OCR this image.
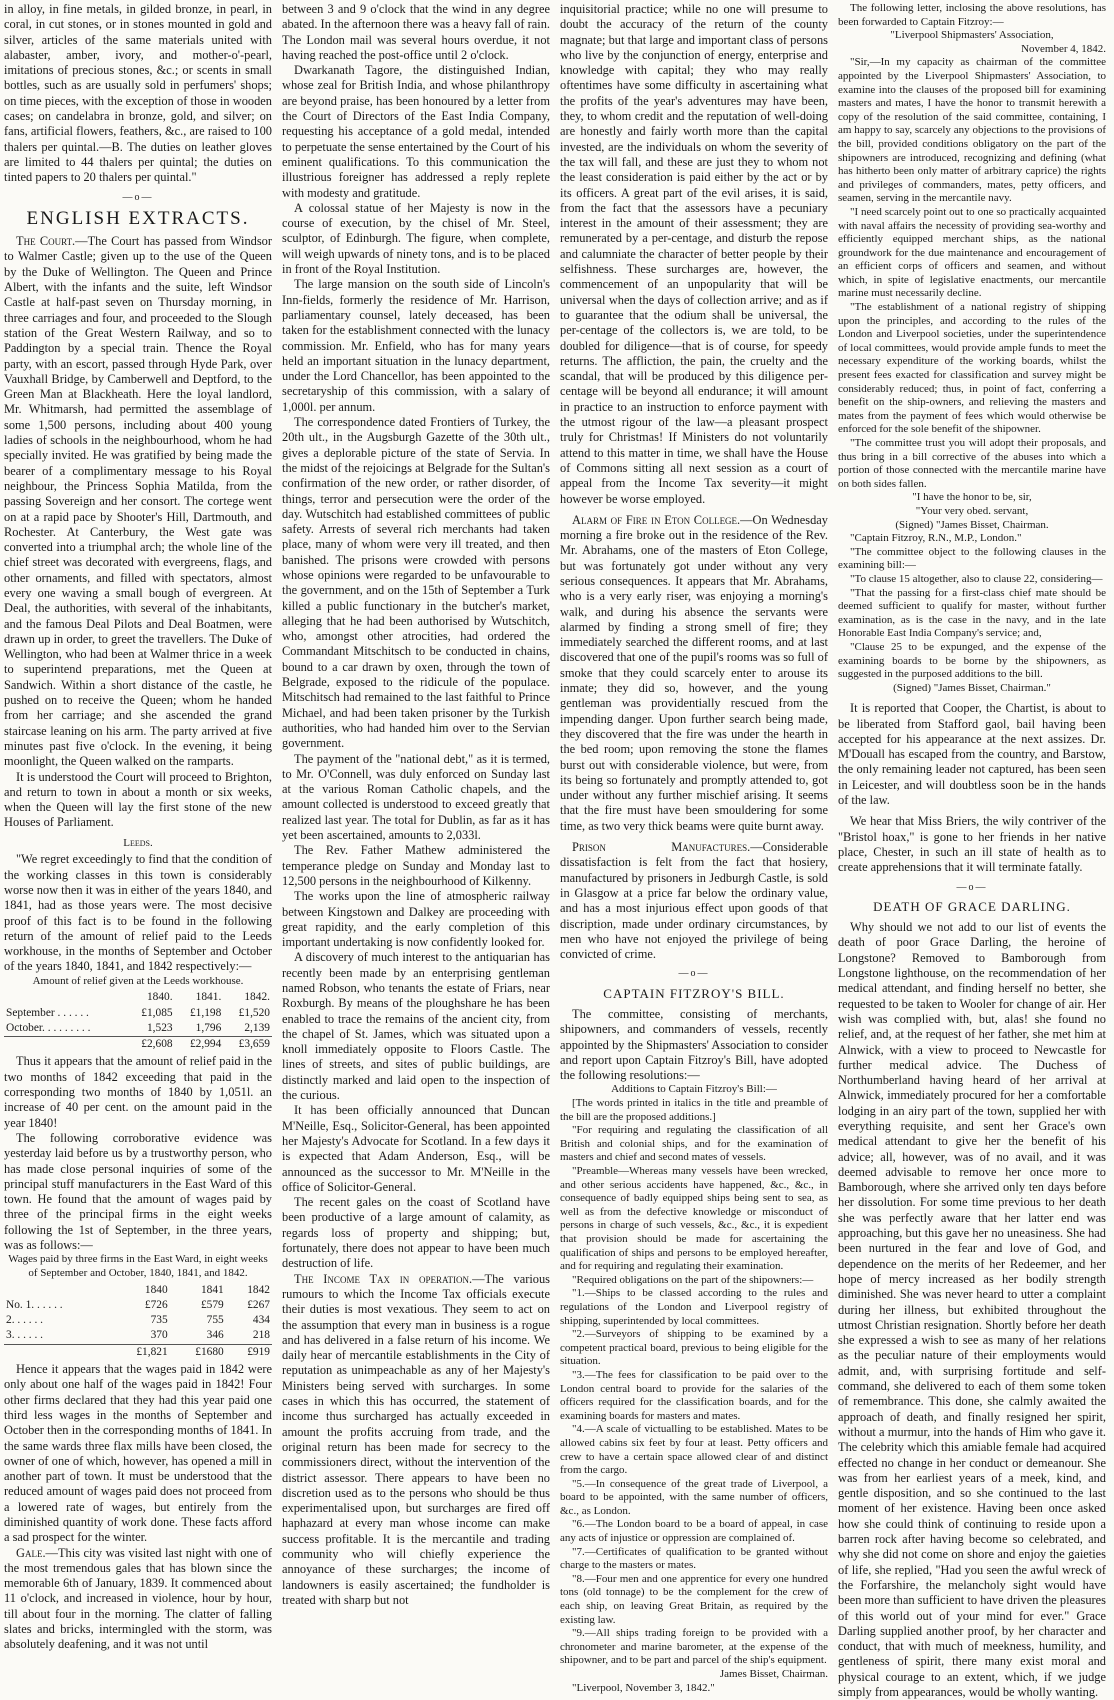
in alloy, in fine metals, in gilded bronze, in pearl, in coral, in cut stones, or in stones mounted in gold and silver, articles of the same materials united with alabaster, amber, ivory, and mother-o'-pearl, imitations of precious stones, &c.; or scents in small bottles, such as are usually sold in perfumers' shops; on time pieces, with the exception of those in wooden cases; on candelabra in bronze, gold, and silver; on fans, artificial flowers, feathers, &c., are raised to 100 thalers per quintal.—B. The duties on leather gloves are limited to 44 thalers per quintal; the duties on tinted papers to 20 thalers per quintal."

—o—
ENGLISH EXTRACTS.

The Court.—The Court has passed from Windsor to Walmer Castle; given up to the use of the Queen by the Duke of Wellington. The Queen and Prince Albert, with the infants and the suite, left Windsor Castle at half-past seven on Thursday morning, in three carriages and four, and proceeded to the Slough station of the Great Western Railway, and so to Paddington by a special train. Thence the Royal party, with an escort, passed through Hyde Park, over Vauxhall Bridge, by Camberwell and Deptford, to the Green Man at Blackheath. Here the loyal landlord, Mr. Whitmarsh, had permitted the assemblage of some 1,500 persons, including about 400 young ladies of schools in the neighbourhood, whom he had specially invited. He was gratified by being made the bearer of a complimentary message to his Royal neighbour, the Princess Sophia Matilda, from the passing Sovereign and her consort. The cortege went on at a rapid pace by Shooter's Hill, Dartmouth, and Rochester. At Canterbury, the West gate was converted into a triumphal arch; the whole line of the chief street was decorated with evergreens, flags, and other ornaments, and filled with spectators, almost every one waving a small bough of evergreen. At Deal, the authorities, with several of the inhabitants, and the famous Deal Pilots and Deal Boatmen, were drawn up in order, to greet the travellers. The Duke of Wellington, who had been at Walmer thrice in a week to superintend preparations, met the Queen at Sandwich. Within a short distance of the castle, he pushed on to receive the Queen; whom he handed from her carriage; and she ascended the grand staircase leaning on his arm. The party arrived at five minutes past five o'clock. In the evening, it being moonlight, the Queen walked on the ramparts.

It is understood the Court will proceed to Brighton, and return to town in about a month or six weeks, when the Queen will lay the first stone of the new Houses of Parliament.

Leeds.

"We regret exceedingly to find that the condition of the working classes in this town is considerably worse now then it was in either of the years 1840, and 1841, had as those years were. The most decisive proof of this fact is to be found in the following return of the amount of relief paid to the Leeds workhouse, in the months of September and October of the years 1840, 1841, and 1842 respectively:—

Amount of relief given at the Leeds workhouse.
	1840.	1841.	1842.
September . . . . . .	£1,085	£1,198	£1,520
October. . . . . . . . .	1,523	1,796	2,139
	£2,608	£2,994	£3,659

Thus it appears that the amount of relief paid in the two months of 1842 exceeding that paid in the corresponding two months of 1840 by 1,051l. an increase of 40 per cent. on the amount paid in the year 1840!

The following corroborative evidence was yesterday laid before us by a trustworthy person, who has made close personal inquiries of some of the principal stuff manufacturers in the East Ward of this town. He found that the amount of wages paid by three of the principal firms in the eight weeks following the 1st of September, in the three years, was as follows:—

Wages paid by three firms in the East Ward, in eight weeks of September and October, 1840, 1841, and 1842.
	1840	1841	1842
No. 1. . . . . .	£726	£579	£267
2. . . . . .	735	755	434
3. . . . . .	370	346	218
	£1,821	£1680	£919

Hence it appears that the wages paid in 1842 were only about one half of the wages paid in 1842! Four other firms declared that they had this year paid one third less wages in the months of September and October then in the corresponding months of 1841. In the same wards three flax mills have been closed, the owner of one of which, however, has opened a mill in another part of town. It must be understood that the reduced amount of wages paid does not proceed from a lowered rate of wages, but entirely from the diminished quantity of work done. These facts afford a sad prospect for the winter.

Gale.—This city was visited last night with one of the most tremendous gales that has blown since the memorable 6th of January, 1839. It commenced about 11 o'clock, and increased in violence, hour by hour, till about four in the morning. The clatter of falling slates and bricks, intermingled with the storm, was absolutely deafening, and it was not until

between 3 and 9 o'clock that the wind in any degree abated. In the afternoon there was a heavy fall of rain. The London mail was several hours overdue, it not having reached the post-office until 2 o'clock.

Dwarkanath Tagore, the distinguished Indian, whose zeal for British India, and whose philanthropy are beyond praise, has been honoured by a letter from the Court of Directors of the East India Company, requesting his acceptance of a gold medal, intended to perpetuate the sense entertained by the Court of his eminent qualifications. To this communication the illustrious foreigner has addressed a reply replete with modesty and gratitude.

A colossal statue of her Majesty is now in the course of execution, by the chisel of Mr. Steel, sculptor, of Edinburgh. The figure, when complete, will weigh upwards of ninety tons, and is to be placed in front of the Royal Institution.

The large mansion on the south side of Lincoln's Inn-fields, formerly the residence of Mr. Harrison, parliamentary counsel, lately deceased, has been taken for the establishment connected with the lunacy commission. Mr. Enfield, who has for many years held an important situation in the lunacy department, under the Lord Chancellor, has been appointed to the secretaryship of this commission, with a salary of 1,000l. per annum.

The correspondence dated Frontiers of Turkey, the 20th ult., in the Augsburgh Gazette of the 30th ult., gives a deplorable picture of the state of Servia. In the midst of the rejoicings at Belgrade for the Sultan's confirmation of the new order, or rather disorder, of things, terror and persecution were the order of the day. Wutschitch had established committees of public safety. Arrests of several rich merchants had taken place, many of whom were very ill treated, and then banished. The prisons were crowded with persons whose opinions were regarded to be unfavourable to the government, and on the 15th of September a Turk killed a public functionary in the butcher's market, alleging that he had been authorised by Wutschitch, who, amongst other atrocities, had ordered the Commandant Mitschitsch to be conducted in chains, bound to a car drawn by oxen, through the town of Belgrade, exposed to the ridicule of the populace. Mitschitsch had remained to the last faithful to Prince Michael, and had been taken prisoner by the Turkish authorities, who had handed him over to the Servian government.

The payment of the "national debt," as it is termed, to Mr. O'Connell, was duly enforced on Sunday last at the various Roman Catholic chapels, and the amount collected is understood to exceed greatly that realized last year. The total for Dublin, as far as it has yet been ascertained, amounts to 2,033l.

The Rev. Father Mathew administered the temperance pledge on Sunday and Monday last to 12,500 persons in the neighbourhood of Kilkenny.

The works upon the line of atmospheric railway between Kingstown and Dalkey are proceeding with great rapidity, and the early completion of this important undertaking is now confidently looked for.

A discovery of much interest to the antiquarian has recently been made by an enterprising gentleman named Robson, who tenants the estate of Friars, near Roxburgh. By means of the ploughshare he has been enabled to trace the remains of the ancient city, from the chapel of St. James, which was situated upon a knoll immediately opposite to Floors Castle. The lines of streets, and sites of public buildings, are distinctly marked and laid open to the inspection of the curious.

It has been officially announced that Duncan M'Neille, Esq., Solicitor-General, has been appointed her Majesty's Advocate for Scotland. In a few days it is expected that Adam Anderson, Esq., will be announced as the successor to Mr. M'Neille in the office of Solicitor-General.

The recent gales on the coast of Scotland have been productive of a large amount of calamity, as regards loss of property and shipping; but, fortunately, there does not appear to have been much destruction of life.

The Income Tax in operation.—The various rumours to which the Income Tax officials execute their duties is most vexatious. They seem to act on the assumption that every man in business is a rogue and has delivered in a false return of his income. We daily hear of mercantile establishments in the City of reputation as unimpeachable as any of her Majesty's Ministers being served with surcharges. In some cases in which this has occurred, the statement of income thus surcharged has actually exceeded in amount the profits accruing from trade, and the original return has been made for secrecy to the commissioners direct, without the intervention of the district assessor. There appears to have been no discretion used as to the persons who should be thus experimentalised upon, but surcharges are fired off haphazard at every man whose income can make success profitable. It is the mercantile and trading community who will chiefly experience the annoyance of these surcharges; the income of landowners is easily ascertained; the fundholder is treated with sharp but not

inquisitorial practice; while no one will presume to doubt the accuracy of the return of the county magnate; but that large and important class of persons who live by the conjunction of energy, enterprise and knowledge with capital; they who may really oftentimes have some difficulty in ascertaining what the profits of the year's adventures may have been, they, to whom credit and the reputation of well-doing are honestly and fairly worth more than the capital invested, are the individuals on whom the severity of the tax will fall, and these are just they to whom not the least consideration is paid either by the act or by its officers. A great part of the evil arises, it is said, from the fact that the assessors have a pecuniary interest in the amount of their assessment; they are remunerated by a per-centage, and disturb the repose and calumniate the character of better people by their selfishness. These surcharges are, however, the commencement of an unpopularity that will be universal when the days of collection arrive; and as if to guarantee that the odium shall be universal, the per-centage of the collectors is, we are told, to be doubled for diligence—that is of course, for speedy returns. The affliction, the pain, the cruelty and the scandal, that will be produced by this diligence per-centage will be beyond all endurance; it will amount in practice to an instruction to enforce payment with the utmost rigour of the law—a pleasant prospect truly for Christmas! If Ministers do not voluntarily attend to this matter in time, we shall have the House of Commons sitting all next session as a court of appeal from the Income Tax severity—it might however be worse employed.

Alarm of Fire in Eton College.—On Wednesday morning a fire broke out in the residence of the Rev. Mr. Abrahams, one of the masters of Eton College, but was fortunately got under without any very serious consequences. It appears that Mr. Abrahams, who is a very early riser, was enjoying a morning's walk, and during his absence the servants were alarmed by finding a strong smell of fire; they immediately searched the different rooms, and at last discovered that one of the pupil's rooms was so full of smoke that they could scarcely enter to arouse its inmate; they did so, however, and the young gentleman was providentially rescued from the impending danger. Upon further search being made, they discovered that the fire was under the hearth in the bed room; upon removing the stone the flames burst out with considerable violence, but were, from its being so fortunately and promptly attended to, got under without any further mischief arising. It seems that the fire must have been smouldering for some time, as two very thick beams were quite burnt away.

Prison Manufactures.—Considerable dissatisfaction is felt from the fact that hosiery, manufactured by prisoners in Jedburgh Castle, is sold in Glasgow at a price far below the ordinary value, and has a most injurious effect upon goods of that discription, made under ordinary circumstances, by men who have not enjoyed the privilege of being convicted of crime.

—o—
CAPTAIN FITZROY'S BILL.

The committee, consisting of merchants, shipowners, and commanders of vessels, recently appointed by the Shipmasters' Association to consider and report upon Captain Fitzroy's Bill, have adopted the following resolutions:—

Additions to Captain Fitzroy's Bill:—

[The words printed in italics in the title and preamble of the bill are the proposed additions.]

"For requiring and regulating the classification of all British and colonial ships, and for the examination of masters and chief and second mates of vessels.

"Preamble—Whereas many vessels have been wrecked, and other serious accidents have happened, &c., &c., in consequence of badly equipped ships being sent to sea, as well as from the defective knowledge or misconduct of persons in charge of such vessels, &c., &c., it is expedient that provision should be made for ascertaining the qualification of ships and persons to be employed hereafter, and for requiring and regulating their examination.

"Required obligations on the part of the shipowners:—

"1.—Ships to be classed according to the rules and regulations of the London and Liverpool registry of shipping, superintended by local committees.

"2.—Surveyors of shipping to be examined by a competent practical board, previous to being eligible for the situation.

"3.—The fees for classification to be paid over to the London central board to provide for the salaries of the officers required for the classification boards, and for the examining boards for masters and mates.

"4.—A scale of victualling to be established. Mates to be allowed cabins six feet by four at least. Petty officers and crew to have a certain space allowed clear of and distinct from the cargo.

"5.—In consequence of the great trade of Liverpool, a board to be appointed, with the same number of officers, &c., as London.

"6.—The London board to be a board of appeal, in case any acts of injustice or oppression are complained of.

"7.—Certificates of qualification to be granted without charge to the masters or mates.

"8.—Four men and one apprentice for every one hundred tons (old tonnage) to be the complement for the crew of each ship, on leaving Great Britain, as required by the existing law.

"9.—All ships trading foreign to be provided with a chronometer and marine barometer, at the expense of the shipowner, and to be part and parcel of the ship's equipment.

James Bisset, Chairman.

"Liverpool, November 3, 1842."

The following letter, inclosing the above resolutions, has been forwarded to Captain Fitzroy:—

"Liverpool Shipmasters' Association,

November 4, 1842.

"Sir,—In my capacity as chairman of the committee appointed by the Liverpool Shipmasters' Association, to examine into the clauses of the proposed bill for examining masters and mates, I have the honor to transmit herewith a copy of the resolution of the said committee, containing, I am happy to say, scarcely any objections to the provisions of the bill, provided conditions obligatory on the part of the shipowners are introduced, recognizing and defining (what has hitherto been only matter of arbitrary caprice) the rights and privileges of commanders, mates, petty officers, and seamen, serving in the mercantile navy.

"I need scarcely point out to one so practically acquainted with naval affairs the necessity of providing sea-worthy and efficiently equipped merchant ships, as the national groundwork for the due maintenance and encouragement of an efficient corps of officers and seamen, and without which, in spite of legislative enactments, our mercantile marine must necessarily decline.

"The establishment of a national registry of shipping upon the principles, and according to the rules of the London and Liverpool societies, under the superintendence of local committees, would provide ample funds to meet the necessary expenditure of the working boards, whilst the present fees exacted for classification and survey might be considerably reduced; thus, in point of fact, conferring a benefit on the ship-owners, and relieving the masters and mates from the payment of fees which would otherwise be enforced for the sole benefit of the shipowner.

"The committee trust you will adopt their proposals, and thus bring in a bill corrective of the abuses into which a portion of those connected with the mercantile marine have on both sides fallen.

"I have the honor to be, sir,

"Your very obed. servant,

(Signed) "James Bisset, Chairman.

"Captain Fitzroy, R.N., M.P., London."

"The committee object to the following clauses in the examining bill:—

"To clause 15 altogether, also to clause 22, considering—

"That the passing for a first-class chief mate should be deemed sufficient to qualify for master, without further examination, as is the case in the navy, and in the late Honorable East India Company's service; and,

"Clause 25 to be expunged, and the expense of the examining boards to be borne by the shipowners, as suggested in the purposed additions to the bill.

(Signed) "James Bisset, Chairman."

It is reported that Cooper, the Chartist, is about to be liberated from Stafford gaol, bail having been accepted for his appearance at the next assizes. Dr. M'Douall has escaped from the country, and Barstow, the only remaining leader not captured, has been seen in Leicester, and will doubtless soon be in the hands of the law.

We hear that Miss Briers, the wily contriver of the "Bristol hoax," is gone to her friends in her native place, Chester, in such an ill state of health as to create apprehensions that it will terminate fatally.

—o—
DEATH OF GRACE DARLING.

Why should we not add to our list of events the death of poor Grace Darling, the heroine of Longstone? Removed to Bamborough from Longstone lighthouse, on the recommendation of her medical attendant, and finding herself no better, she requested to be taken to Wooler for change of air. Her wish was complied with, but, alas! she found no relief, and, at the request of her father, she met him at Alnwick, with a view to proceed to Newcastle for further medical advice. The Duchess of Northumberland having heard of her arrival at Alnwick, immediately procured for her a comfortable lodging in an airy part of the town, supplied her with everything requisite, and sent her Grace's own medical attendant to give her the benefit of his advice; all, however, was of no avail, and it was deemed advisable to remove her once more to Bamborough, where she arrived only ten days before her dissolution. For some time previous to her death she was perfectly aware that her latter end was approaching, but this gave her no uneasiness. She had been nurtured in the fear and love of God, and dependence on the merits of her Redeemer, and her hope of mercy increased as her bodily strength diminished. She was never heard to utter a complaint during her illness, but exhibited throughout the utmost Christian resignation. Shortly before her death she expressed a wish to see as many of her relations as the peculiar nature of their employments would admit, and, with surprising fortitude and self-command, she delivered to each of them some token of remembrance. This done, she calmly awaited the approach of death, and finally resigned her spirit, without a murmur, into the hands of Him who gave it. The celebrity which this amiable female had acquired effected no change in her conduct or demeanour. She was from her earliest years of a meek, kind, and gentle disposition, and so she continued to the last moment of her existence. Having been once asked how she could think of continuing to reside upon a barren rock after having become so celebrated, and why she did not come on shore and enjoy the gaieties of life, she replied, "Had you seen the awful wreck of the Forfarshire, the melancholy sight would have been more than sufficient to have driven the pleasures of this world out of your mind for ever." Grace Darling supplied another proof, by her character and conduct, that with much of meekness, humility, and gentleness of spirit, there many exist moral and physical courage to an extent, which, if we judge simply from appearances, would be wholly wanting.
